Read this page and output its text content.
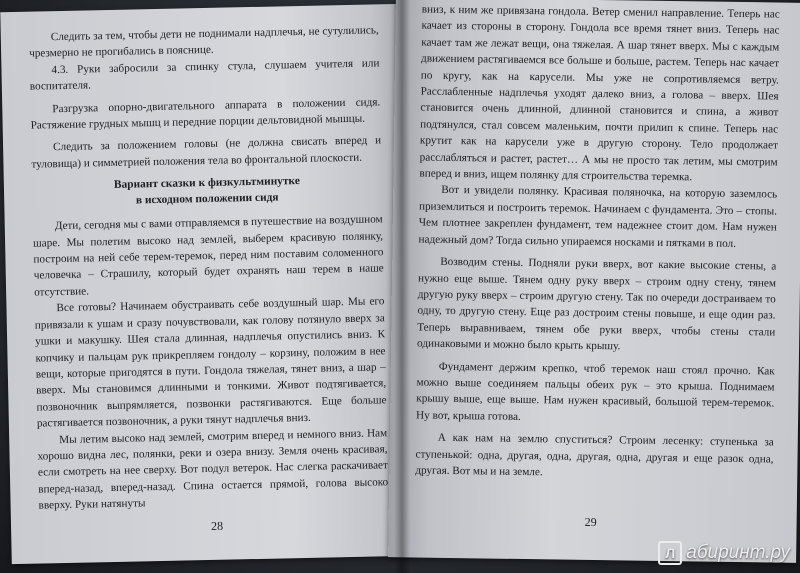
Следить за тем, чтобы дети не поднимали надплечья, не сутулились, чрезмерно не прогибались в пояснице.

4.3. Руки забросили за спинку стула, слушаем учителя или воспитателя.

Разгрузка опорно-двигательного аппарата в положении сидя. Растяжение грудных мышц и передние порции дельтовидной мышцы.

Следить за положением головы (не должна свисать вперед и туловища) и симметрией положения тела во фронтальной плоскости.

Вариант сказки к физкультминутке
в исходном положении сидя

Дети, сегодня мы с вами отправляемся в путешествие на воздушном шаре. Мы полетим высоко над землей, выберем красивую полянку, построим на ней себе терем-теремок, перед ним поставим соломенного человечка – Страшилу, который будет охранять наш терем в наше отсутствие.

Все готовы? Начинаем обустраивать себе воздушный шар. Мы его привязали к ушам и сразу почувствовали, как голову потянуло вверх за ушки и макушку. Шея стала длинная, надплечья опустились вниз. К копчику и пальцам рук прикрепляем гондолу – корзину, положим в нее вещи, которые пригодятся в пути. Гондола тяжелая, тянет вниз, а шар – вверх. Мы становимся длинными и тонкими. Живот подтягивается, позвоночник выпрямляется, позвонки растягиваются. Еще больше растягивается позвоночник, а руки тянут надплечья вниз.

Мы летим высоко над землей, смотрим вперед и немного вниз. Нам хорошо видна лес, полянки, реки и озера внизу. Земля очень красивая, если смотреть на нее сверху. Вот подул ветерок. Нас слегка раскачивает вперед-назад, вперед-назад. Спина остается прямой, голова высоко вверху. Руки натянуты

28

вниз, к ним же привязана гондола. Ветер сменил направление. Теперь нас качает из стороны в сторону. Гондола все время тянет вниз. Теперь нас качает там же лежат вещи, она тяжелая. А шар тянет вверх. Мы с каждым движением растягиваемся все больше и больше, растем. Теперь нас качает по кругу, как на карусели. Мы уже не сопротивляемся ветру. Расслабленные надплечья уходят далеко вниз, а голова – вверх. Шея становится очень длинной, длинной становится и спина, а живот подтянулся, стал совсем маленьким, почти прилип к спине. Теперь нас крутит как на карусели уже в другую сторону. Тело продолжает расслабляться и растет, растет… А мы не просто так летим, мы смотрим вперед и вниз, ищем полянку для строительства теремка.

Вот и увидели полянку. Красивая поляночка, на которую заземлось приземлиться и построить теремок. Начинаем с фундамента. Это – стопы. Чем плотнее закреплен фундамент, тем надежнее стоит дом. Нам нужен надежный дом? Тогда сильно упираемся носками и пятками в пол.

Возводим стены. Подняли руки вверх, вот какие высокие стены, а нужно еще выше. Тянем одну руку вверх – строим одну стену, тянем другую руку вверх – строим другую стену. Так по очереди достраиваем то одну, то другую стену. Еще раз достроим стены повыше, и еще один раз. Теперь выравниваем, тянем обе руки вверх, чтобы стены стали одинаковыми и можно было крыть крышу.

Фундамент держим крепко, чтоб теремок наш стоял прочно. Как можно выше соединяем пальцы обеих рук – это крыша. Поднимаем крышу выше, еще выше. Нам нужен красивый, большой терем-теремок. Ну вот, крыша готова.

А как нам на землю спуститься? Строим лесенку: ступенька за ступенькой: одна, другая, одна, другая, одна, другая и еще разок одна, другая. Вот мы и на земле.

29
Л абиринт.ру
